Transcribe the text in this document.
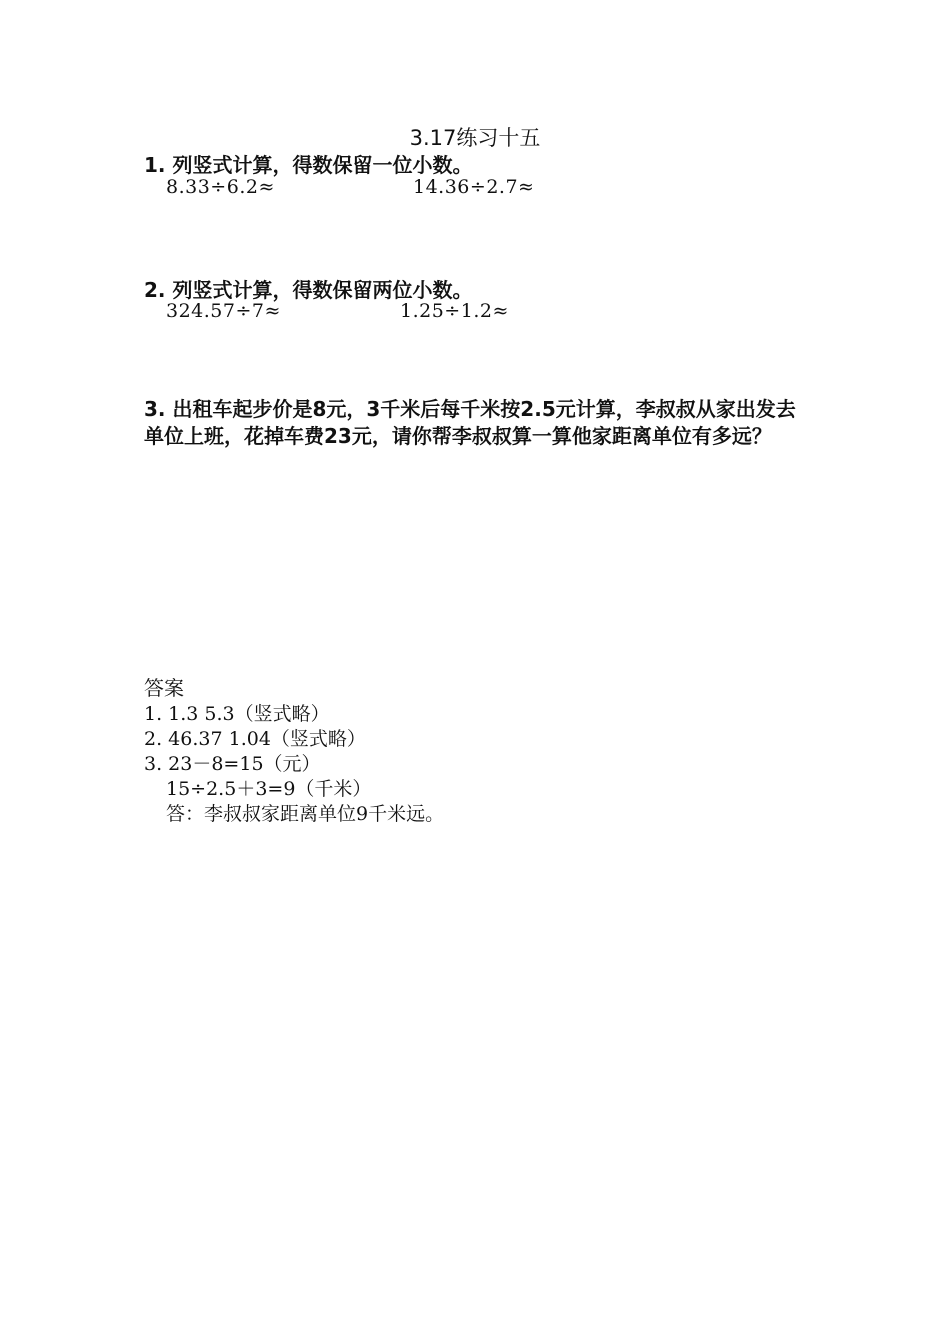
3.17练习十五
1. 列竖式计算，得数保留一位小数。
8.33÷6.2≈	14.36÷2.7≈
2. 列竖式计算，得数保留两位小数。
324.57÷7≈	1.25÷1.2≈
3. 出租车起步价是8元，3千米后每千米按2.5元计算，李叔叔从家出发去单位上班，花掉车费23元，请你帮李叔叔算一算他家距离单位有多远？
答案
1. 1.3 5.3（竖式略）
2. 46.37 1.04（竖式略）
3. 23－8=15（元）
15÷2.5＋3=9（千米）
答：李叔叔家距离单位9千米远。
